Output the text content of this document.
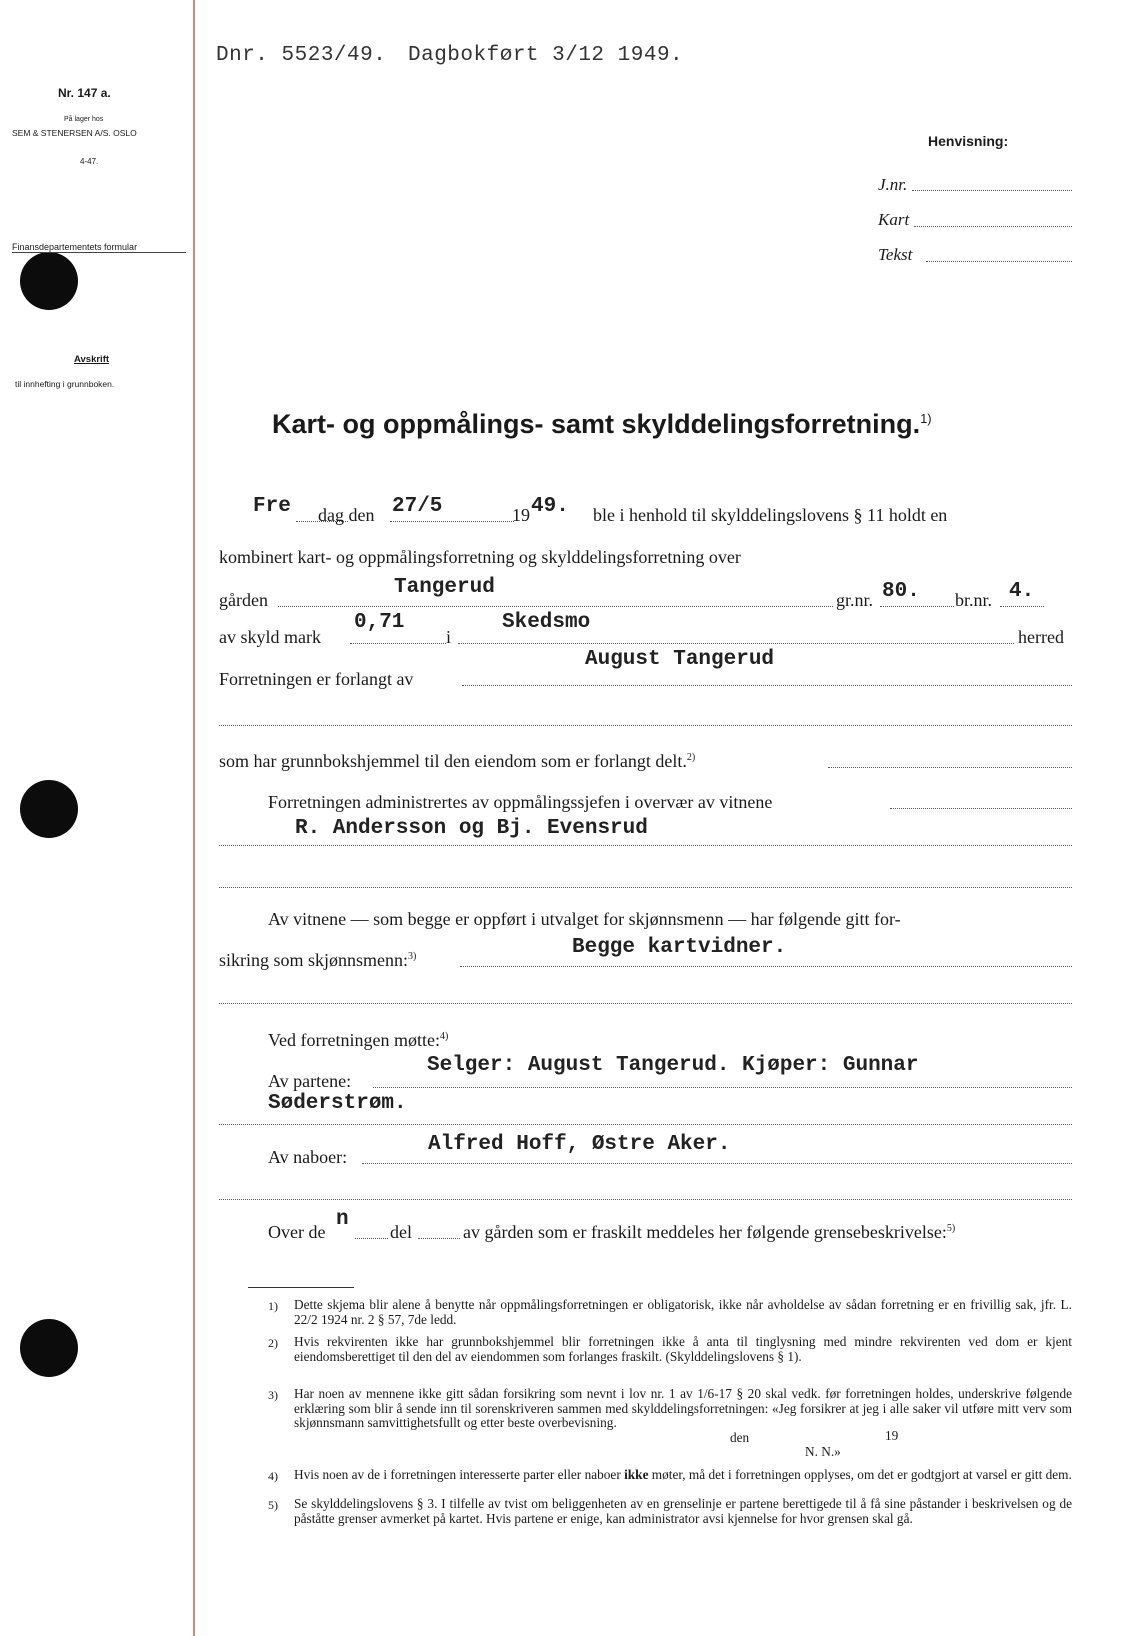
Dnr. 5523/49. Dagbokført 3/12 1949.
Nr. 147 a.
På lager hos
SEM & STENERSEN A/S. OSLO
4-47.
Finansdepartementets formular
Avskrift
til innhefting i grunnboken.
Henvisning:
J.nr.
Kart
Tekst
Kart- og oppmålings- samt skylddelingsforretning.$^{1)}$
Fre dag den 27/5	19 49. ble i henhold til skylddelingslovens § 11 holdt en
kombinert kart- og oppmålingsforretning og skylddelingsforretning over
gården
Tangerud
gr.nr. 80. br.nr. 4.
av skyld mark
0,71
i
Skedsmo
herred
Forretningen er forlangt av
August Tangerud
som har grunnbokshjemmel til den eiendom som er forlangt delt.$^{2)}$
Forretningen administrertes av oppmålingssjefen i overvær av vitnene
R. Andersson og Bj. Evensrud
Av vitnene — som begge er oppført i utvalget for skjønnsmenn — har følgende gitt for-
sikring som skjønnsmenn:$^{3)}$	Begge kartvidner.
Ved forretningen møtte:$^{4)}$
Av partene:
Selger: August Tangerud. Kjøper: Gunnar
Søderstrøm.
Av naboer:
Alfred Hoff, Østre Aker.
Over de
n
del	av gården som er fraskilt meddeles her følgende grensebeskrivelse:$^{5)}$
1) Dette skjema blir alene å benytte når oppmålingsforretningen er obligatorisk, ikke når avholdelse av sådan forretning er en frivillig sak, jfr. L. 22/2 1924 nr. 2 § 57, 7de ledd.
2) Hvis rekvirenten ikke har grunnbokshjemmel blir forretningen ikke å anta til tinglysning med mindre rekvirenten ved dom er kjent eiendomsberettiget til den del av eiendommen som forlanges fraskilt. (Skylddelingslovens § 1).
3) Har noen av mennene ikke gitt sådan forsikring som nevnt i lov nr. 1 av 1/6-17 § 20 skal vedk. før forretningen holdes, underskrive følgende erklæring som blir å sende inn til sorenskriveren sammen med skylddelingsforretningen: «Jeg forsikrer at jeg i alle saker vil utføre mitt verv som skjønnsmann samvittighetsfullt og etter beste overbevisning.
den	19
N. N.»
4) Hvis noen av de i forretningen interesserte parter eller naboer ikke møter, må det i forretningen opplyses, om det er godtgjort at varsel er gitt dem.
5) Se skylddelingslovens § 3. I tilfelle av tvist om beliggenheten av en grenselinje er partene berettigede til å få sine påstander i beskrivelsen og de påståtte grenser avmerket på kartet. Hvis partene er enige, kan administrator avsi kjennelse for hvor grensen skal gå.
